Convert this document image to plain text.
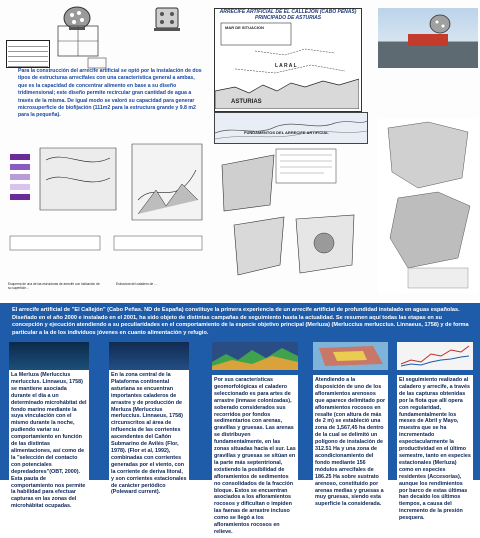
ARRECIFE ARTIFICIAL DE EL CALLEJON (CABO PEÑAS) PRINCIPADO DE ASTURIAS
MAR DE SITUACION
L A R A L
ASTURIAS
Para la construcción del arrecife artificial se optó por la instalación de dos tipos de estructuras arrecifales con una característica general a ambas, que es la capacidad de concentrar alimento en base a su diseño tridimensional; este diseño permite recircular gran cantidad de agua a través de la misma. De igual modo se valoró su capacidad para generar microsuperficie de biofijación (111m2 para la estructura grande y 9.8 m2 para la pequeña).
FUNDAMENTOS DEL ARRECIFE ARTIFICIAL
Esquema de una de las estructuras de arrecife con indicación de su superficie...
Estructura del caladero de ...
El arrecife artificial de "El Callejón" (Cabo Peñas. ND de España) constituye la primera experiencia de un arrecife artificial de profundidad instalado en aguas españolas. Diseñado en el año 2000 e instalado en el 2001, ha sido objeto de distintas campañas de seguimiento hasta la actualidad. Se resumen aquí todas las etapas en su concepción y ejecución atendiendo a su peculiaridades en el comportamiento de la especie objetivo principal (Merluza) (Merluccius merluccius. Linnaeus, 1758) y de forma particular a la de los individuos jóvenes en cuanto alimentación y refugio.
La Merluza (Merluccius merluccius. Linnaeus, 1758) se mantiene asociada durante el día a un determinado microhábitat del fondo marino mediante la suya vinculación con el mismo durante la noche, pudiendo variar su comportamiento en función de las distintas alimentaciones, así como de la "selección del contacto con potenciales depredadores"(OBT, 2000). Esta pauta de comportamiento nos permite la habilidad para efectuar capturas en las zonas del microhábitat ocupadas.
En la zona central de la Plataforma continental asturiana se encuentran importantes caladeros de arrastre y de producción de Merluza (Merluccius merluccius. Linnaeus, 1758) circunscritos al área de influencia de las corrientes ascendentes del Cañón Submarino de Avilés (Flor, 1978). (Flor et al, 1992), combinadas con corrientes generadas por el viento, con la corriente de deriva litoral, y son corrientes estacionales de carácter periódico (Poleward current).
Por sus características geomorfológicas el caladero seleccionado es para artes de arrastre (inmase colonizadas), soberado considerados sus recorridos por fondos sedimentarios con arenas, gravillas y gruesas. Las arenas se distribuyen fundamentalmente, en las zonas situadas hacia el sur. Las gravillas y gruesas se sitúan en la parte más septentrional, existiendo la posibilidad de afloramientos de sedimentos no consolidados de la fracción bloque. Estos se encuentran asociados a los afloramientos rocosos y dificultan o impiden las faenas de arrastre incluso como se llegó a los afloramientos rocosos en relieve.
Atendiendo a la disposición de uno de los afloramientos arenosos que aparece delimitado por afloramientos rocosos en resalte (con altura de más de 2 m) se estableció una zona de 1,567,45 ha dentro de la cual se delimitó un polígono de instalación de 312.51 Ha y una zona de acondicionamiento del fondo mediante 156 módulos arrecifales de 186.25 Ha sobre sustrato arenoso, constituido por arenas medias y gruesas a muy gruesas, siendo esta superficie la considerada.
El seguimiento realizado al caladero y arrecife, a través de las capturas obtenidas por la flota que allí opera con regularidad, fundamentalmente los meses de Abril y Mayo, muestra que se ha incrementado espectacularmente la productividad en el último semestre, tanto en especies estacionales (Merluza) como en especies residentes (Accesorias), aunque los rendimientos por barco de estas últimas han decaído los últimos tiempos, a causa del incremento de la presión pesquera.
